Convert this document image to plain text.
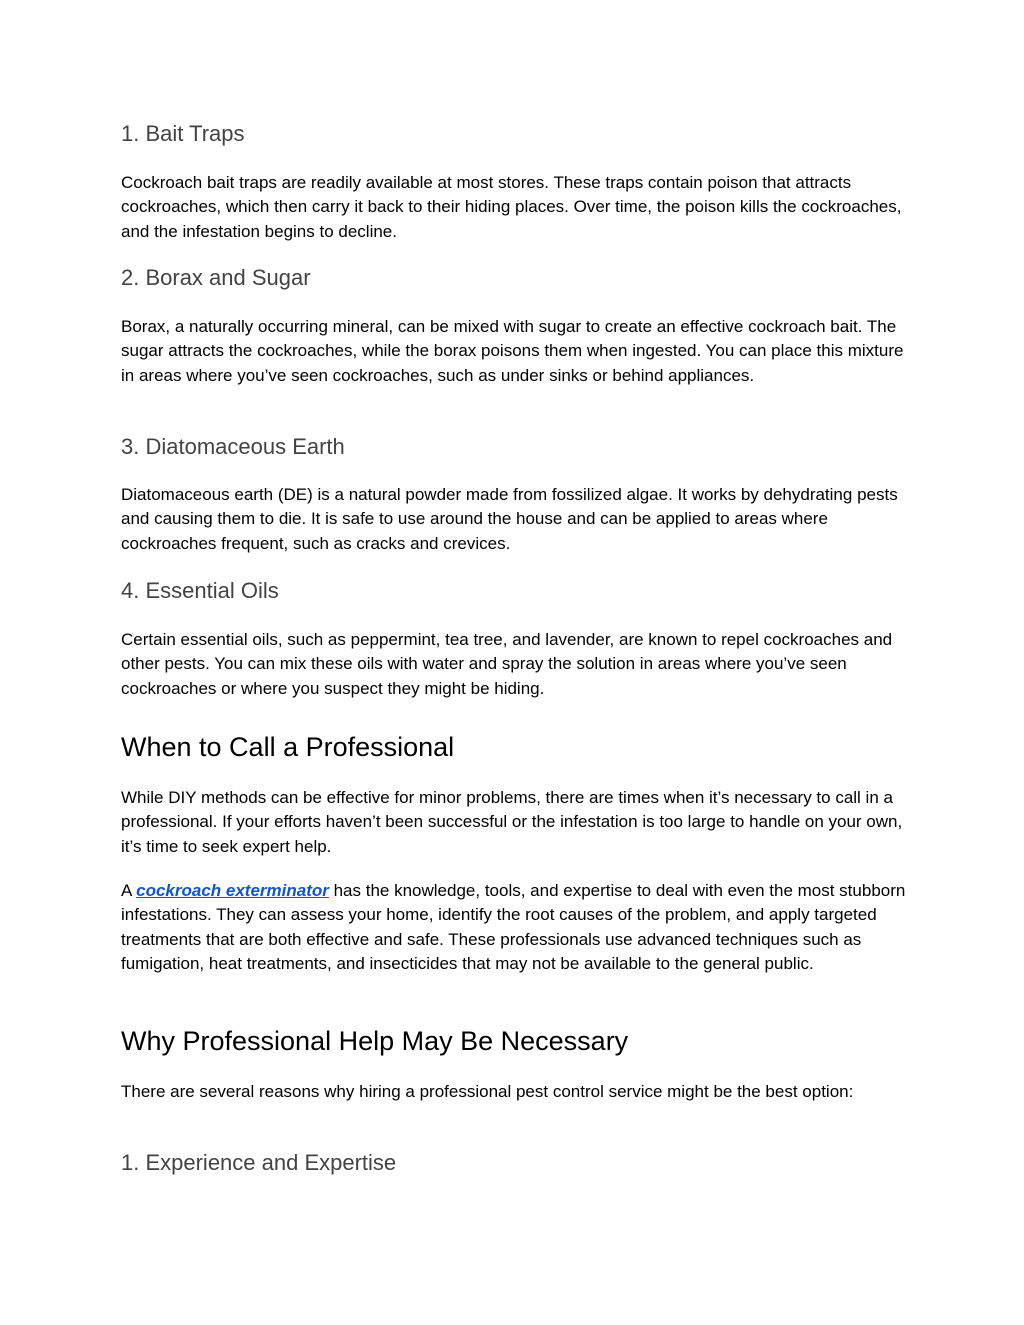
1. Bait Traps

Cockroach bait traps are readily available at most stores. These traps contain poison that attracts cockroaches, which then carry it back to their hiding places. Over time, the poison kills the cockroaches, and the infestation begins to decline.

2. Borax and Sugar

Borax, a naturally occurring mineral, can be mixed with sugar to create an effective cockroach bait. The sugar attracts the cockroaches, while the borax poisons them when ingested. You can place this mixture in areas where you’ve seen cockroaches, such as under sinks or behind appliances.

3. Diatomaceous Earth

Diatomaceous earth (DE) is a natural powder made from fossilized algae. It works by dehydrating pests and causing them to die. It is safe to use around the house and can be applied to areas where cockroaches frequent, such as cracks and crevices.

4. Essential Oils

Certain essential oils, such as peppermint, tea tree, and lavender, are known to repel cockroaches and other pests. You can mix these oils with water and spray the solution in areas where you’ve seen cockroaches or where you suspect they might be hiding.

When to Call a Professional

While DIY methods can be effective for minor problems, there are times when it’s necessary to call in a professional. If your efforts haven’t been successful or the infestation is too large to handle on your own, it’s time to seek expert help.

A cockroach exterminator has the knowledge, tools, and expertise to deal with even the most stubborn infestations. They can assess your home, identify the root causes of the problem, and apply targeted treatments that are both effective and safe. These professionals use advanced techniques such as fumigation, heat treatments, and insecticides that may not be available to the general public.

Why Professional Help May Be Necessary

There are several reasons why hiring a professional pest control service might be the best option:

1. Experience and Expertise
